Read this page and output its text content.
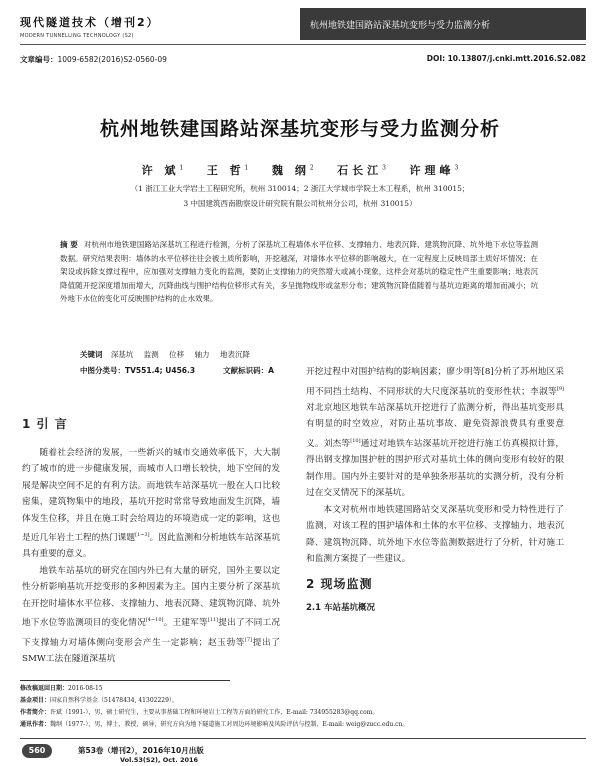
现代隧道技术（增刊2）
MODERN TUNNELLING TECHNOLOGY (S2)
杭州地铁建国路站深基坑变形与受力监测分析
文章编号：1009-6582(2016)S2-0560-09	DOI: 10.13807/j.cnki.mtt.2016.S2.082
杭州地铁建国路站深基坑变形与受力监测分析
许 斌$^1$ 王 哲$^1$ 魏 纲$^2$ 石长江$^3$ 许理峰$^3$
（1 浙江工业大学岩土工程研究所，杭州 310014；2 浙江大学城市学院土木工程系，杭州 310015；
3 中国建筑西南勘察设计研究院有限公司杭州分公司，杭州 310015）
摘 要 对杭州市地铁建国路站深基坑工程进行检测，分析了深基坑工程墙体水平位移、支撑轴力、地表沉降、建筑物沉降、坑外地下水位等监测数据。研究结果表明：墙体的水平位移往往会被土质所影响，开挖越深，对墙体水平位移的影响越大，在一定程度上反映局部土质好坏情况；在架设或拆除支撑过程中，应加强对支撑轴力变化的监测，要防止支撑轴力的突然增大或减小现象，这样会对基坑的稳定性产生重要影响；地表沉降值随开挖深度增加而增大，沉降曲线与围护结构位移形式有关，多呈抛物线形或盆形分布；建筑物沉降值随着与基坑边距离的增加而减小；坑外地下水位的变化可反映围护结构的止水效果。
关键词 深基坑 监测 位移 轴力 地表沉降
中图分类号：TV551.4; U456.3	文献标识码：A
1 引 言

随着社会经济的发展，一些新兴的城市交通效率低下，大大制约了城市的进一步健康发展，而城市人口增长较快，地下空间的发展是解决空间不足的有利方法。而地铁车站深基坑一般在人口比较密集，建筑物集中的地段，基坑开挖时常常导致地面发生沉降，墙体发生位移，并且在施工时会给周边的环境造成一定的影响，这也是近几年岩土工程的热门课题[1~3]。因此监测和分析地铁车站深基坑具有重要的意义。

地铁车站基坑的研究在国内外已有大量的研究，国外主要以定性分析影响基坑开挖变形的多种因素为主。国内主要分析了深基坑在开挖时墙体水平位移、支撑轴力、地表沉降、建筑物沉降、坑外地下水位等监测项目的变化情况[4~10]。王建军等[11]提出了不同工况下支撑轴力对墙体侧向变形会产生一定影响；赵玉勃等[7]提出了SMW工法在隧道深基坑

开挖过程中对围护结构的影响因素；廖少明等[8]分析了苏州地区采用不同挡土结构、不同形状的大尺度深基坑的变形性状；李淑等[9]对北京地区地铁车站深基坑开挖进行了监测分析，得出基坑变形具有明显的时空效应，对防止基坑事故、避免资源浪费具有重要意义。刘杰等[10]通过对地铁车站深基坑开挖进行施工仿真模拟计算，得出钢支撑加围护桩的围护形式对基坑土体的侧向变形有较好的限制作用。国内外主要针对的是单独条形基坑的实测分析，没有分析过在交叉情况下的深基坑。

本文对杭州市地铁建国路站交叉深基坑变形和受力特性进行了监测，对该工程的围护墙体和土体的水平位移、支撑轴力、地表沉降、建筑物沉降、坑外地下水位等监测数据进行了分析，针对施工和监测方案提了一些建议。

2 现场监测
2.1 车站基坑概况
修改稿返回日期：2016-08-15
基金项目：国家自然科学基金（51478434, 41302229）。
作者简介：许斌（1991-），男，硕士研究生，主要从事基础工程和环境岩土工程等方面的研究工作，E-mail: 734955283@qq.com。
通讯作者：魏纲（1977-），男，博士，教授，硕导，研究方向为地下隧道施工对周边环境影响及风险评估与控制，E-mail: weig@zucc.edu.cn。
560	第53卷（增刊2），2016年10月出版
Vol.53(S2), Oct. 2016
